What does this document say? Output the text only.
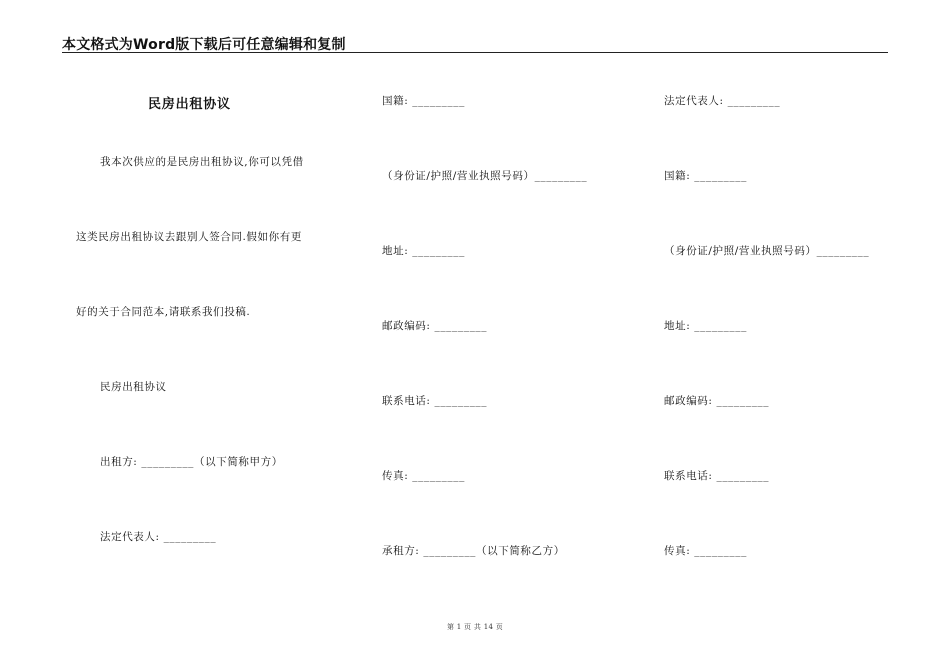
本文格式为Word版下载后可任意编辑和复制
民房出租协议
我本次供应的是民房出租协议,你可以凭借
这类民房出租协议去跟别人签合同.假如你有更
好的关于合同范本,请联系我们投稿.
民房出租协议
出租方: _________（以下简称甲方）
法定代表人: _________
国籍: _________
（身份证/护照/营业执照号码）_________
地址: _________
邮政编码: _________
联系电话: _________
传真: _________
承租方: _________（以下简称乙方）
法定代表人: _________
国籍: _________
（身份证/护照/营业执照号码）_________
地址: _________
邮政编码: _________
联系电话: _________
传真: _________
第 1 页 共 14 页
